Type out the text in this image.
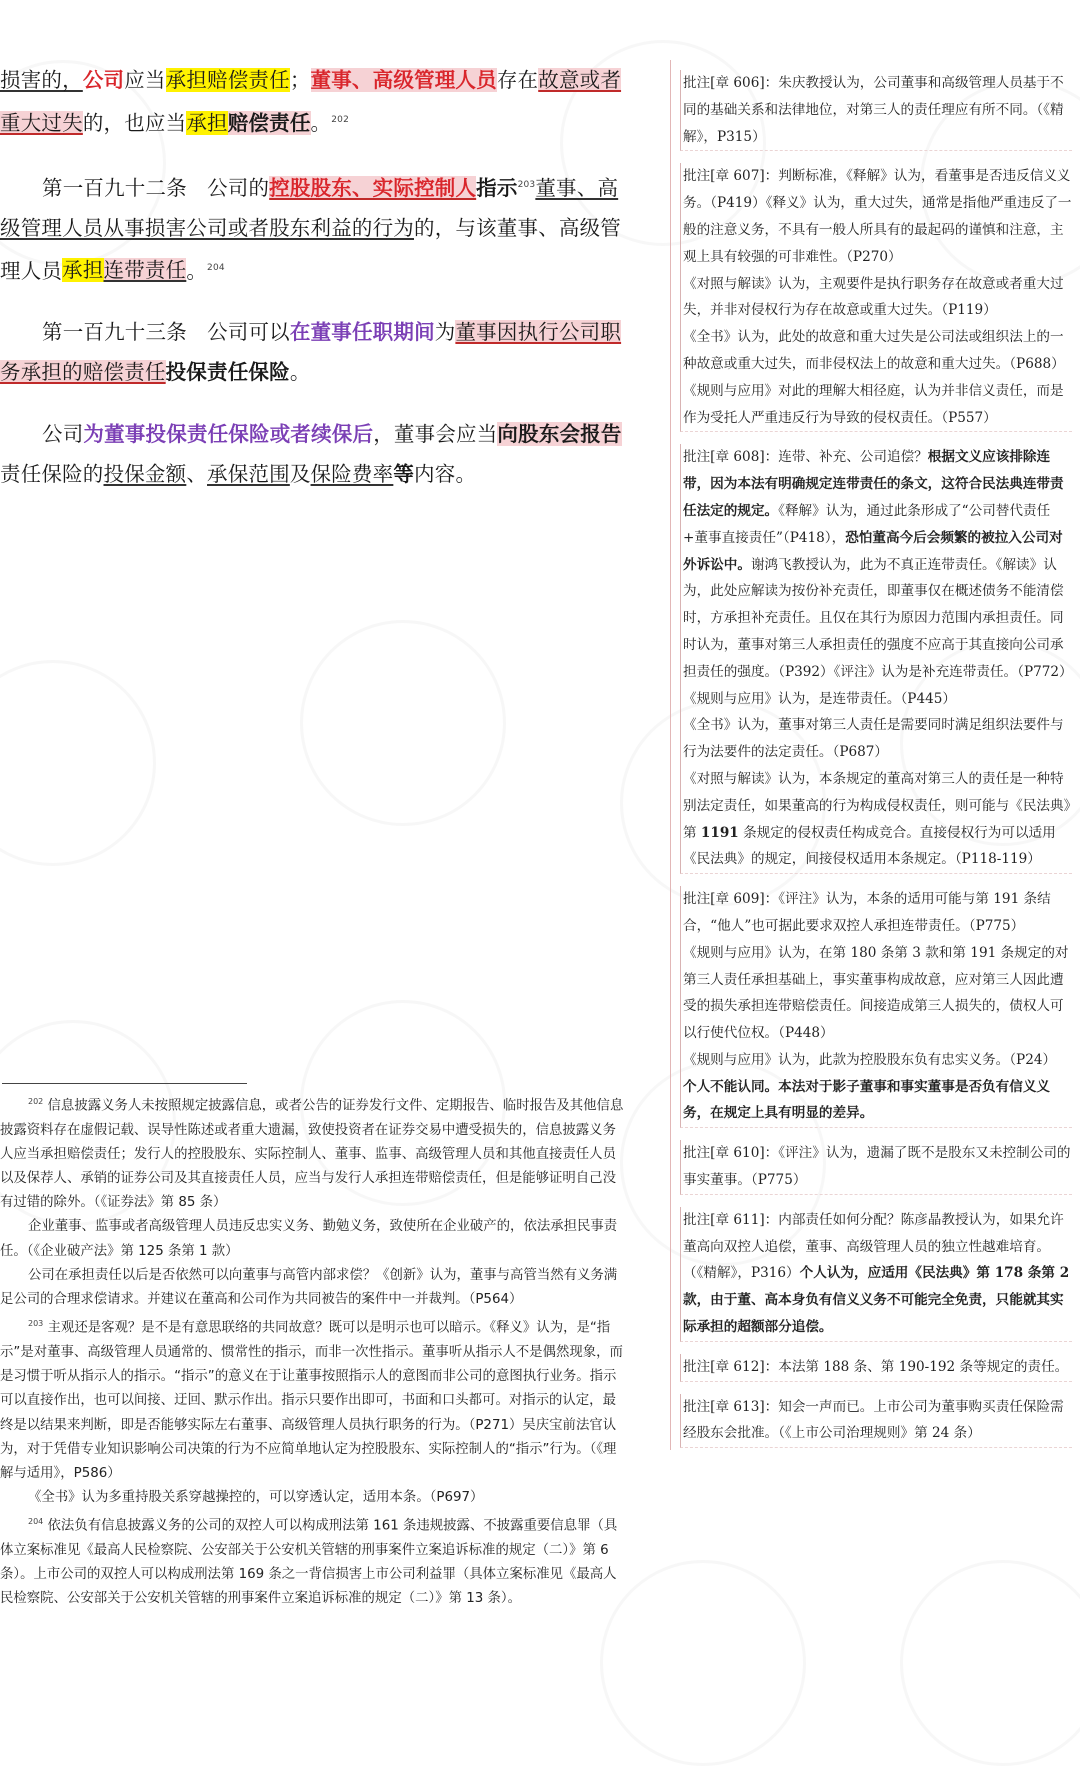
损害的，公司应当承担赔偿责任；董事、高级管理人员存在故意或者重大过失的，也应当承担赔偿责任。$^{202}$

第一百九十二条 公司的控股股东、实际控制人指示$^{203}$董事、高级管理人员从事损害公司或者股东利益的行为的，与该董事、高级管理人员承担连带责任。$^{204}$

第一百九十三条 公司可以在董事任职期间为董事因执行公司职务承担的赔偿责任投保责任保险。

公司为董事投保责任保险或者续保后，董事会应当向股东会报告责任保险的投保金额、承保范围及保险费率等内容。

$^{202}$ 信息披露义务人未按照规定披露信息，或者公告的证券发行文件、定期报告、临时报告及其他信息披露资料存在虚假记载、误导性陈述或者重大遗漏，致使投资者在证券交易中遭受损失的，信息披露义务人应当承担赔偿责任；发行人的控股股东、实际控制人、董事、监事、高级管理人员和其他直接责任人员以及保荐人、承销的证券公司及其直接责任人员，应当与发行人承担连带赔偿责任，但是能够证明自己没有过错的除外。（《证券法》第 85 条）

企业董事、监事或者高级管理人员违反忠实义务、勤勉义务，致使所在企业破产的，依法承担民事责任。（《企业破产法》第 125 条第 1 款）

公司在承担责任以后是否依然可以向董事与高管内部求偿？《创新》认为，董事与高管当然有义务满足公司的合理求偿请求。并建议在董高和公司作为共同被告的案件中一并裁判。（P564）

$^{203}$ 主观还是客观？是不是有意思联络的共同故意？既可以是明示也可以暗示。《释义》认为，是“指示”是对董事、高级管理人员通常的、惯常性的指示，而非一次性指示。董事听从指示人不是偶然现象，而是习惯于听从指示人的指示。“指示”的意义在于让董事按照指示人的意图而非公司的意图执行业务。指示可以直接作出，也可以间接、迂回、默示作出。指示只要作出即可，书面和口头都可。对指示的认定，最终是以结果来判断，即是否能够实际左右董事、高级管理人员执行职务的行为。（P271）吴庆宝前法官认为，对于凭借专业知识影响公司决策的行为不应简单地认定为控股股东、实际控制人的“指示”行为。（《理解与适用》，P586）

《全书》认为多重持股关系穿越操控的，可以穿透认定，适用本条。（P697）

$^{204}$ 依法负有信息披露义务的公司的双控人可以构成刑法第 161 条违规披露、不披露重要信息罪（具体立案标准见《最高人民检察院、公安部关于公安机关管辖的刑事案件立案追诉标准的规定（二）》第 6 条）。上市公司的双控人可以构成刑法第 169 条之一背信损害上市公司利益罪（具体立案标准见《最高人民检察院、公安部关于公安机关管辖的刑事案件立案追诉标准的规定（二）》第 13 条）。

批注[章 606]：朱庆教授认为，公司董事和高级管理人员基于不同的基础关系和法律地位，对第三人的责任理应有所不同。（《精解》，P315）

批注[章 607]：判断标准，《释解》认为，看董事是否违反信义义务。（P419）《释义》认为，重大过失，通常是指他严重违反了一般的注意义务，不具有一般人所具有的最起码的谨慎和注意，主观上具有较强的可非难性。（P270）

《对照与解读》认为，主观要件是执行职务存在故意或者重大过失，并非对侵权行为存在故意或重大过失。（P119）

《全书》认为，此处的故意和重大过失是公司法或组织法上的一种故意或重大过失，而非侵权法上的故意和重大过失。（P688）《规则与应用》对此的理解大相径庭，认为并非信义责任，而是作为受托人严重违反行为导致的侵权责任。（P557）

批注[章 608]：连带、补充、公司追偿？根据文义应该排除连带，因为本法有明确规定连带责任的条文，这符合民法典连带责任法定的规定。《释解》认为，通过此条形成了“公司替代责任+董事直接责任”（P418），恐怕董高今后会频繁的被拉入公司对外诉讼中。谢鸿飞教授认为，此为不真正连带责任。《解读》认为，此处应解读为按份补充责任，即董事仅在概述债务不能清偿时，方承担补充责任。且仅在其行为原因力范围内承担责任。同时认为，董事对第三人承担责任的强度不应高于其直接向公司承担责任的强度。（P392）《评注》认为是补充连带责任。（P772）

《规则与应用》认为，是连带责任。（P445）

《全书》认为，董事对第三人责任是需要同时满足组织法要件与行为法要件的法定责任。（P687）

《对照与解读》认为，本条规定的董高对第三人的责任是一种特别法定责任，如果董高的行为构成侵权责任，则可能与《民法典》第 1191 条规定的侵权责任构成竞合。直接侵权行为可以适用《民法典》的规定，间接侵权适用本条规定。（P118-119）

批注[章 609]：《评注》认为，本条的适用可能与第 191 条结合，“他人”也可据此要求双控人承担连带责任。（P775）

《规则与应用》认为，在第 180 条第 3 款和第 191 条规定的对第三人责任承担基础上，事实董事构成故意，应对第三人因此遭受的损失承担连带赔偿责任。间接造成第三人损失的，债权人可以行使代位权。（P448）

《规则与应用》认为，此款为控股股东负有忠实义务。（P24）

个人不能认同。本法对于影子董事和事实董事是否负有信义义务，在规定上具有明显的差异。

批注[章 610]：《评注》认为，遗漏了既不是股东又未控制公司的事实董事。（P775）

批注[章 611]：内部责任如何分配？陈彦晶教授认为，如果允许董高向双控人追偿，董事、高级管理人员的独立性越难培育。（《精解》，P316）个人认为，应适用《民法典》第 178 条第 2 款，由于董、高本身负有信义义务不可能完全免责，只能就其实际承担的超额部分追偿。

批注[章 612]：本法第 188 条、第 190-192 条等规定的责任。

批注[章 613]：知会一声而已。上市公司为董事购买责任保险需经股东会批准。（《上市公司治理规则》第 24 条）
